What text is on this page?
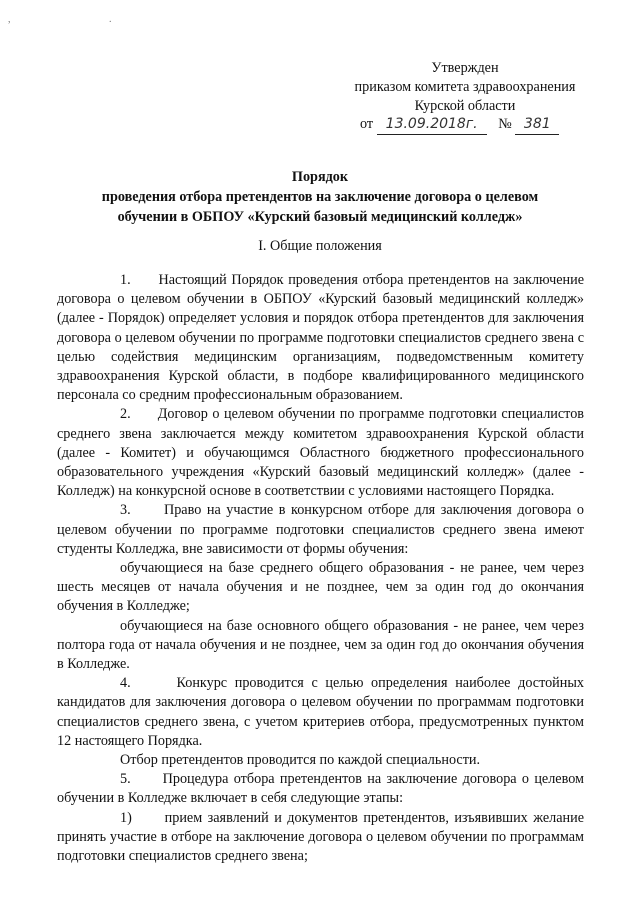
, .
Утвержден
приказом комитета здравоохранения
Курской области
от 13.09.2018г. № 381
Порядок
проведения отбора претендентов на заключение договора о целевом
обучении в ОБПОУ «Курский базовый медицинский колледж»
I. Общие положения

1.      Настоящий Порядок проведения отбора претендентов на заключение договора о целевом обучении в ОБПОУ «Курский базовый медицинский колледж» (далее - Порядок) определяет условия и порядок отбора претендентов для заключения договора о целевом обучении по программе подготовки специалистов среднего звена с целью содействия медицинским организациям, подведомственным комитету здравоохранения Курской области, в подборе квалифицированного медицинского персонала со средним профессиональным образованием.

2.      Договор о целевом обучении по программе подготовки специалистов среднего звена заключается между комитетом здравоохранения Курской области (далее - Комитет) и обучающимся Областного бюджетного профессионального образовательного учреждения «Курский базовый медицинский колледж» (далее - Колледж) на конкурсной основе в соответствии с условиями настоящего Порядка.

3.      Право на участие в конкурсном отборе для заключения договора о целевом обучении по программе подготовки специалистов среднего звена имеют студенты Колледжа, вне зависимости от формы обучения:

обучающиеся на базе среднего общего образования - не ранее, чем через шесть месяцев от начала обучения и не позднее, чем за один год до окончания обучения в Колледже;

обучающиеся на базе основного общего образования - не ранее, чем через полтора года от начала обучения и не позднее, чем за один год до окончания обучения в Колледже.

4.      Конкурс проводится с целью определения наиболее достойных кандидатов для заключения договора о целевом обучении по программам подготовки специалистов среднего звена, с учетом критериев отбора, предусмотренных пунктом 12 настоящего Порядка.

Отбор претендентов проводится по каждой специальности.

5.      Процедура отбора претендентов на заключение договора о целевом обучении в Колледже включает в себя следующие этапы:

1)      прием заявлений и документов претендентов, изъявивших желание принять участие в отборе на заключение договора о целевом обучении по программам подготовки специалистов среднего звена;
